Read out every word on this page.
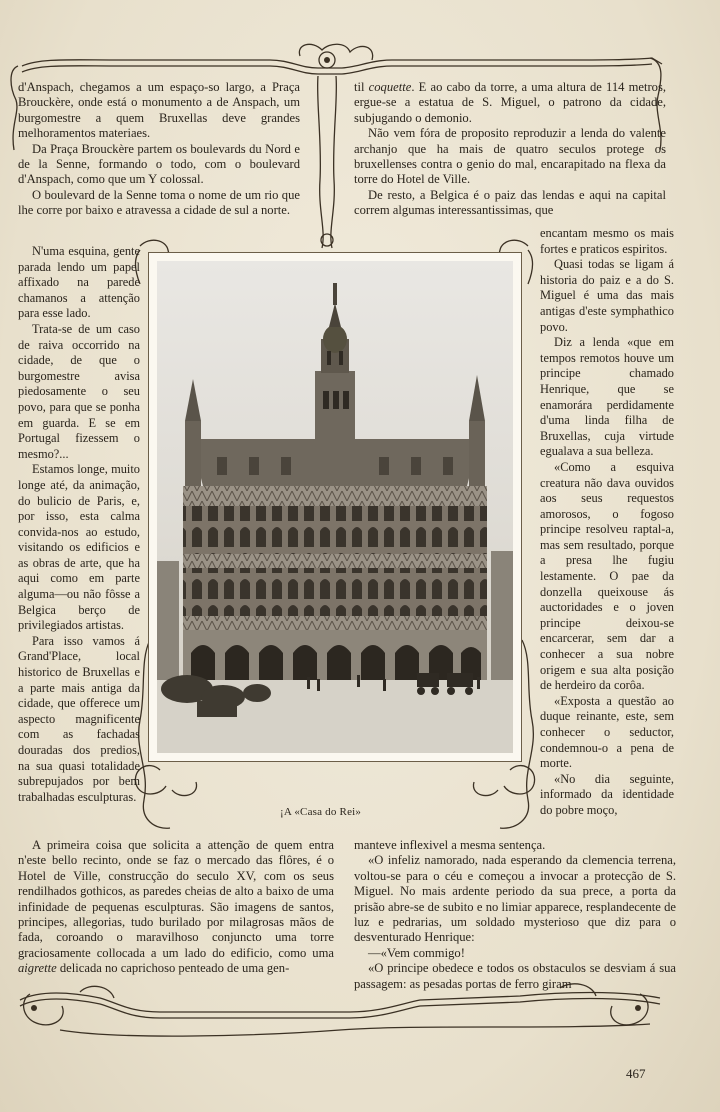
d'Anspach, chegamos a um espaço-so largo, a Praça Brouckère, onde está o monumento a de Anspach, um burgomestre a quem Bruxellas deve grandes melhoramentos materiaes.

Da Praça Brouckère partem os boulevards du Nord e de la Senne, formando o todo, com o boulevard d'Anspach, como que um Y colossal.

O boulevard de la Senne toma o nome de um rio que lhe corre por baixo e atravessa a cidade de sul a norte.

N'uma esquina, gente parada lendo um papel affixado na parede chamanos a attenção para esse lado.

Trata-se de um caso de raiva occorrido na cidade, de que o burgomestre avisa piedosamente o seu povo, para que se ponha em guarda. E se em Portugal fizessem o mesmo?...

Estamos longe, muito longe até, da animação, do bulicio de Paris, e, por isso, esta calma convida-nos ao estudo, visitando os edificios e as obras de arte, que ha aqui como em parte alguma—ou não fôsse a Belgica berço de privilegiados artistas.

Para isso vamos á Grand'Place, local historico de Bruxellas e a parte mais antiga da cidade, que offerece um aspecto magnificente com as fachadas douradas dos predios, na sua quasi totalidade subrepujados por bem trabalhadas esculpturas.

til coquette. E ao cabo da torre, a uma altura de 114 metros, ergue-se a estatua de S. Miguel, o patrono da cidade, subjugando o demonio.

Não vem fóra de proposito reproduzir a lenda do valente archanjo que ha mais de quatro seculos protege os bruxellenses contra o genio do mal, encarapitado na flexa da torre do Hotel de Ville.

De resto, a Belgica é o paiz das lendas e aqui na capital correm algumas interessantissimas, que

encantam mesmo os mais fortes e praticos espiritos.

Quasi todas se ligam á historia do paiz e a do S. Miguel é uma das mais antigas d'este symphathico povo.

Diz a lenda «que em tempos remotos houve um principe chamado Henrique, que se enamorára perdidamente d'uma linda filha de Bruxellas, cuja virtude egualava a sua belleza.

«Como a esquiva creatura não dava ouvidos aos seus requestos amorosos, o fogoso principe resolveu raptal-a, mas sem resultado, porque a presa lhe fugiu lestamente. O pae da donzella queixouse ás auctoridades e o joven principe deixou-se encarcerar, sem dar a conhecer a sua nobre origem e sua alta posição de herdeiro da corôa.

«Exposta a questão ao duque reinante, este, sem conhecer o seductor, condemnou-o a pena de morte.

«No dia seguinte, informado da identidade do pobre moço,

¡A «Casa do Rei»

A primeira coisa que solicita a attenção de quem entra n'este bello recinto, onde se faz o mercado das flôres, é o Hotel de Ville, construcção do seculo XV, com os seus rendilhados gothicos, as paredes cheias de alto a baixo de uma infinidade de pequenas esculpturas. São imagens de santos, principes, allegorias, tudo burilado por milagrosas mãos de fada, coroando o maravilhoso conjuncto uma torre graciosamente collocada a um lado do edificio, como uma aigrette delicada no caprichoso penteado de uma gen-

manteve inflexivel a mesma sentença.

«O infeliz namorado, nada esperando da clemencia terrena, voltou-se para o céu e começou a invocar a protecção de S. Miguel. No mais ardente periodo da sua prece, a porta da prisão abre-se de subito e no limiar apparece, resplandecente de luz e pedrarias, um soldado mysterioso que diz para o desventurado Henrique:

—«Vem commigo!

«O principe obedece e todos os obstaculos se desviam á sua passagem: as pesadas portas de ferro giram

467
